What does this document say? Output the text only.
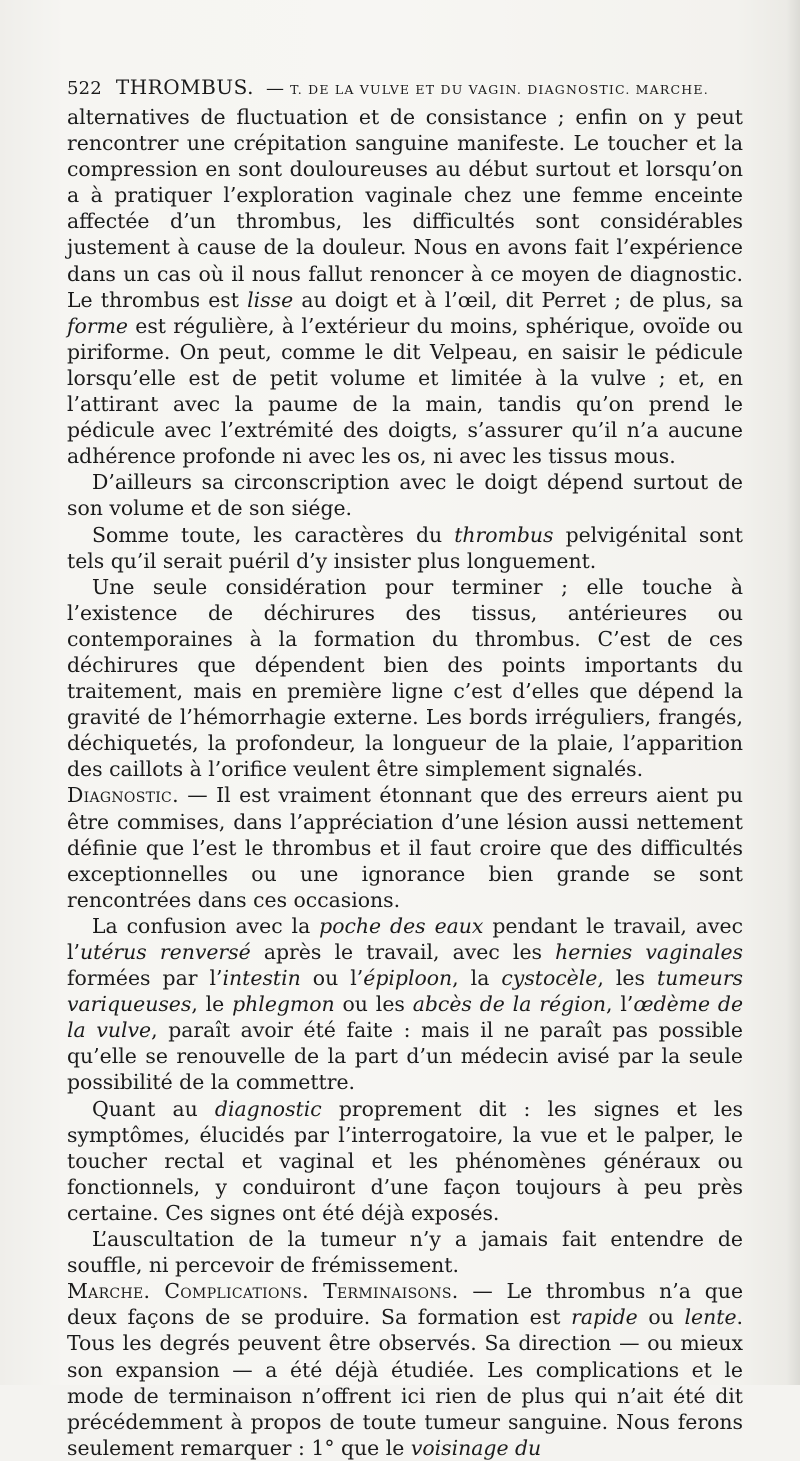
522 THROMBUS. — T. DE LA VULVE ET DU VAGIN. DIAGNOSTIC. MARCHE.

alternatives de fluctuation et de consistance ; enfin on y peut rencontrer une crépitation sanguine manifeste. Le toucher et la compression en sont douloureuses au début surtout et lorsqu’on a à pratiquer l’exploration vaginale chez une femme enceinte affectée d’un thrombus, les difficultés sont considérables justement à cause de la douleur. Nous en avons fait l’expérience dans un cas où il nous fallut renoncer à ce moyen de diagnostic. Le thrombus est lisse au doigt et à l’œil, dit Perret ; de plus, sa forme est régulière, à l’extérieur du moins, sphérique, ovoïde ou piriforme. On peut, comme le dit Velpeau, en saisir le pédicule lorsqu’elle est de petit volume et limitée à la vulve ; et, en l’attirant avec la paume de la main, tandis qu’on prend le pédicule avec l’extrémité des doigts, s’assurer qu’il n’a aucune adhérence profonde ni avec les os, ni avec les tissus mous.

D’ailleurs sa circonscription avec le doigt dépend surtout de son volume et de son siége.

Somme toute, les caractères du thrombus pelvigénital sont tels qu’il serait puéril d’y insister plus longuement.

Une seule considération pour terminer ; elle touche à l’existence de déchirures des tissus, antérieures ou contemporaines à la formation du thrombus. C’est de ces déchirures que dépendent bien des points importants du traitement, mais en première ligne c’est d’elles que dépend la gravité de l’hémorrhagie externe. Les bords irréguliers, frangés, déchiquetés, la profondeur, la longueur de la plaie, l’apparition des caillots à l’orifice veulent être simplement signalés.

Diagnostic. — Il est vraiment étonnant que des erreurs aient pu être commises, dans l’appréciation d’une lésion aussi nettement définie que l’est le thrombus et il faut croire que des difficultés exceptionnelles ou une ignorance bien grande se sont rencontrées dans ces occasions.

La confusion avec la poche des eaux pendant le travail, avec l’utérus renversé après le travail, avec les hernies vaginales formées par l’intestin ou l’épiploon, la cystocèle, les tumeurs variqueuses, le phlegmon ou les abcès de la région, l’œdème de la vulve, paraît avoir été faite : mais il ne paraît pas possible qu’elle se renouvelle de la part d’un médecin avisé par la seule possibilité de la commettre.

Quant au diagnostic proprement dit : les signes et les symptômes, élucidés par l’interrogatoire, la vue et le palper, le toucher rectal et vaginal et les phénomènes généraux ou fonctionnels, y conduiront d’une façon toujours à peu près certaine. Ces signes ont été déjà exposés.

L’auscultation de la tumeur n’y a jamais fait entendre de souffle, ni percevoir de frémissement.

Marche. Complications. Terminaisons. — Le thrombus n’a que deux façons de se produire. Sa formation est rapide ou lente. Tous les degrés peuvent être observés. Sa direction — ou mieux son expansion — a été déjà étudiée. Les complications et le mode de terminaison n’offrent ici rien de plus qui n’ait été dit précédemment à propos de toute tumeur sanguine. Nous ferons seulement remarquer : 1° que le voisinage du
